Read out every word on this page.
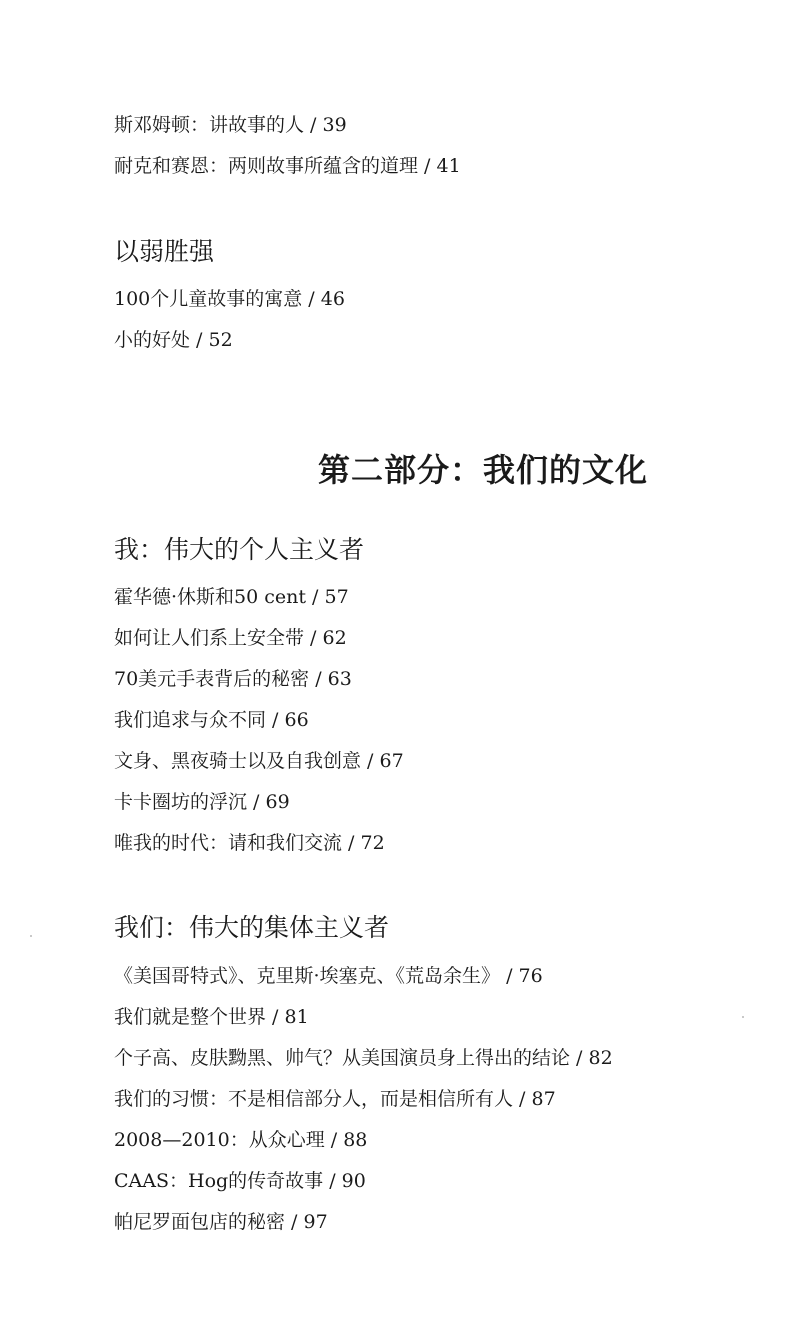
斯邓姆顿：讲故事的人 / 39
耐克和赛恩：两则故事所蕴含的道理 / 41
以弱胜强
100个儿童故事的寓意 / 46
小的好处 / 52
第二部分：我们的文化
我：伟大的个人主义者
霍华德·休斯和50 cent / 57
如何让人们系上安全带 / 62
70美元手表背后的秘密 / 63
我们追求与众不同 / 66
文身、黑夜骑士以及自我创意 / 67
卡卡圈坊的浮沉 / 69
唯我的时代：请和我们交流 / 72
我们：伟大的集体主义者
《美国哥特式》、克里斯·埃塞克、《荒岛余生》 / 76
我们就是整个世界 / 81
个子高、皮肤黝黑、帅气？从美国演员身上得出的结论 / 82
我们的习惯：不是相信部分人，而是相信所有人 / 87
2008—2010：从众心理 / 88
CAAS：Hog的传奇故事 / 90
帕尼罗面包店的秘密 / 97
